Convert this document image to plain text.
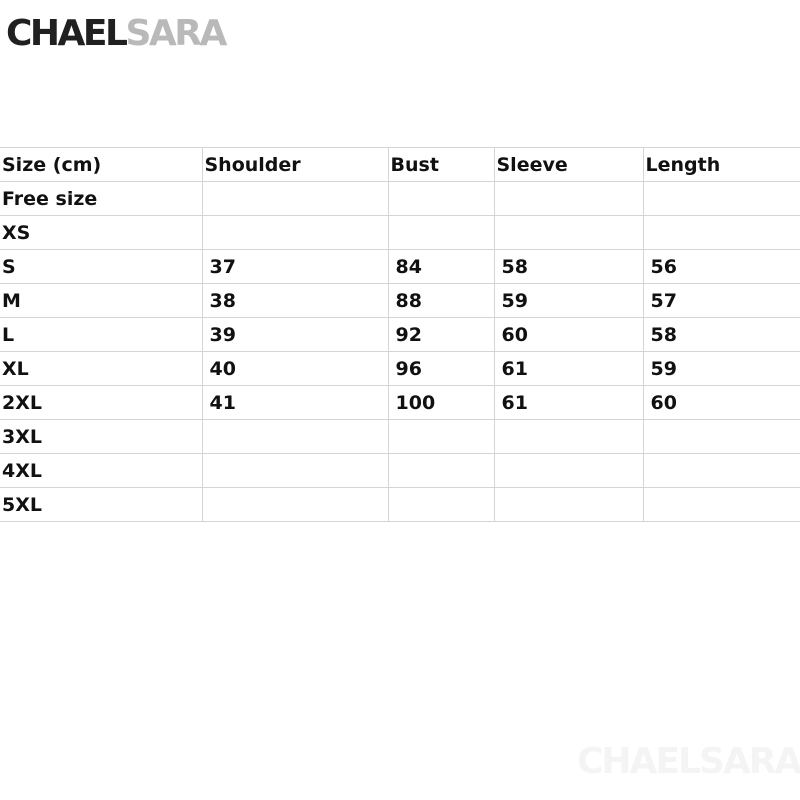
CHAELSARA
Size (cm)	Shoulder	Bust	Sleeve	Length
Free size				
XS				
S	37	84	58	56
M	38	88	59	57
L	39	92	60	58
XL	40	96	61	59
2XL	41	100	61	60
3XL				
4XL				
5XL				
CHAELSARA
